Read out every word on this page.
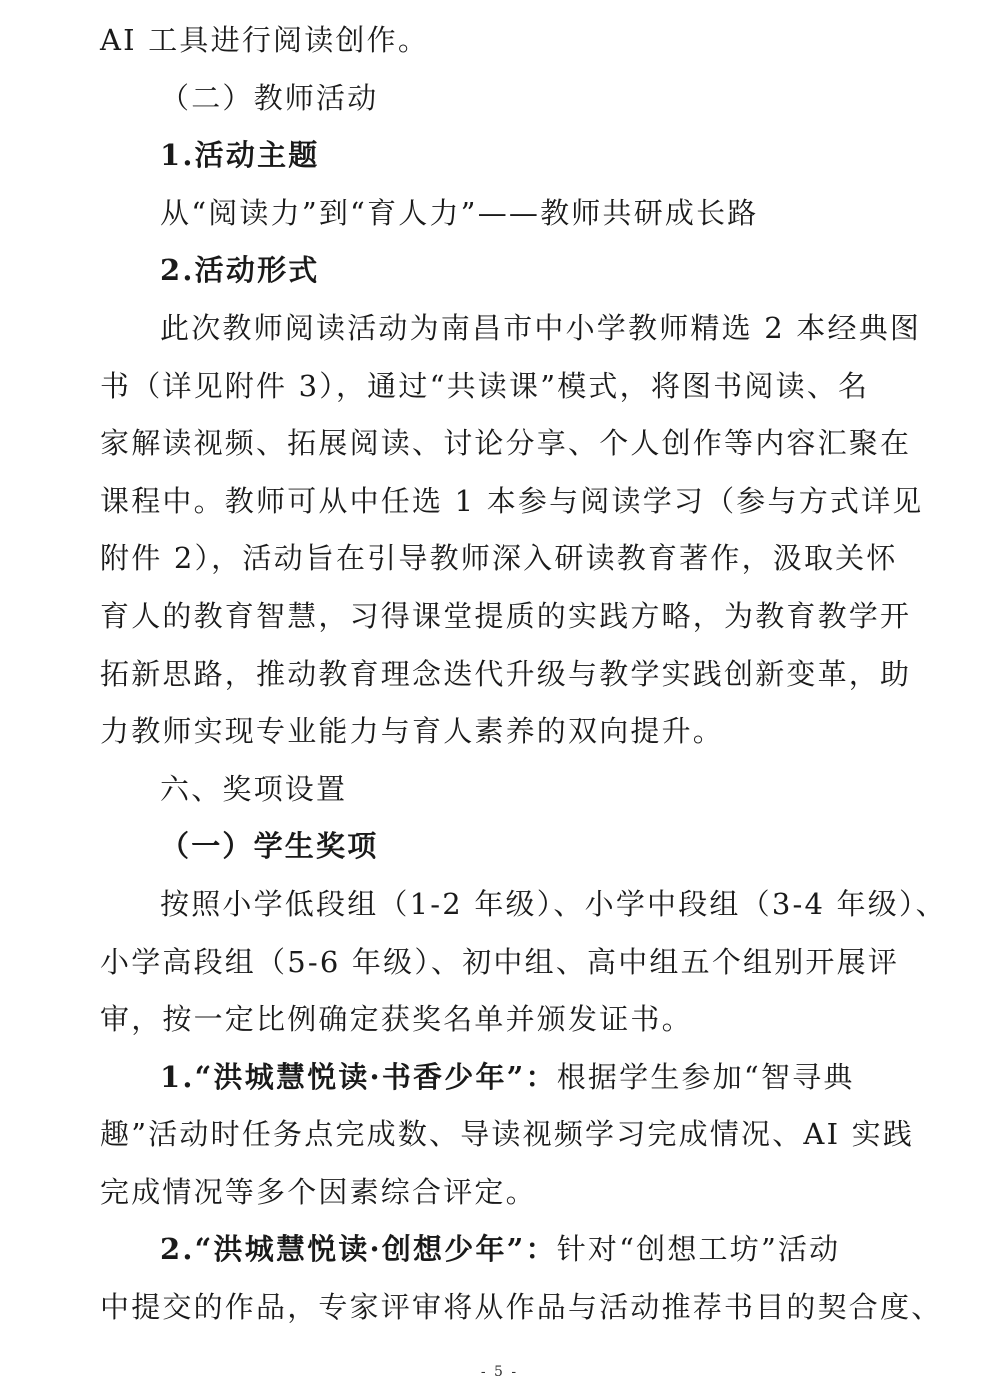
AI 工具进行阅读创作。
（二）教师活动
1.活动主题
从“阅读力”到“育人力”——教师共研成长路
2.活动形式
此次教师阅读活动为南昌市中小学教师精选 2 本经典图
书（详见附件 3），通过“共读课”模式，将图书阅读、名
家解读视频、拓展阅读、讨论分享、个人创作等内容汇聚在
课程中。教师可从中任选 1 本参与阅读学习（参与方式详见
附件 2），活动旨在引导教师深入研读教育著作，汲取关怀
育人的教育智慧，习得课堂提质的实践方略，为教育教学开
拓新思路，推动教育理念迭代升级与教学实践创新变革，助
力教师实现专业能力与育人素养的双向提升。
六、奖项设置
（一）学生奖项
按照小学低段组（1-2 年级）、小学中段组（3-4 年级）、
小学高段组（5-6 年级）、初中组、高中组五个组别开展评
审，按一定比例确定获奖名单并颁发证书。
1.“洪城慧悦读·书香少年”：根据学生参加“智寻典
趣”活动时任务点完成数、导读视频学习完成情况、AI 实践
完成情况等多个因素综合评定。
2.“洪城慧悦读·创想少年”：针对“创想工坊”活动
中提交的作品，专家评审将从作品与活动推荐书目的契合度、
- 5 -
